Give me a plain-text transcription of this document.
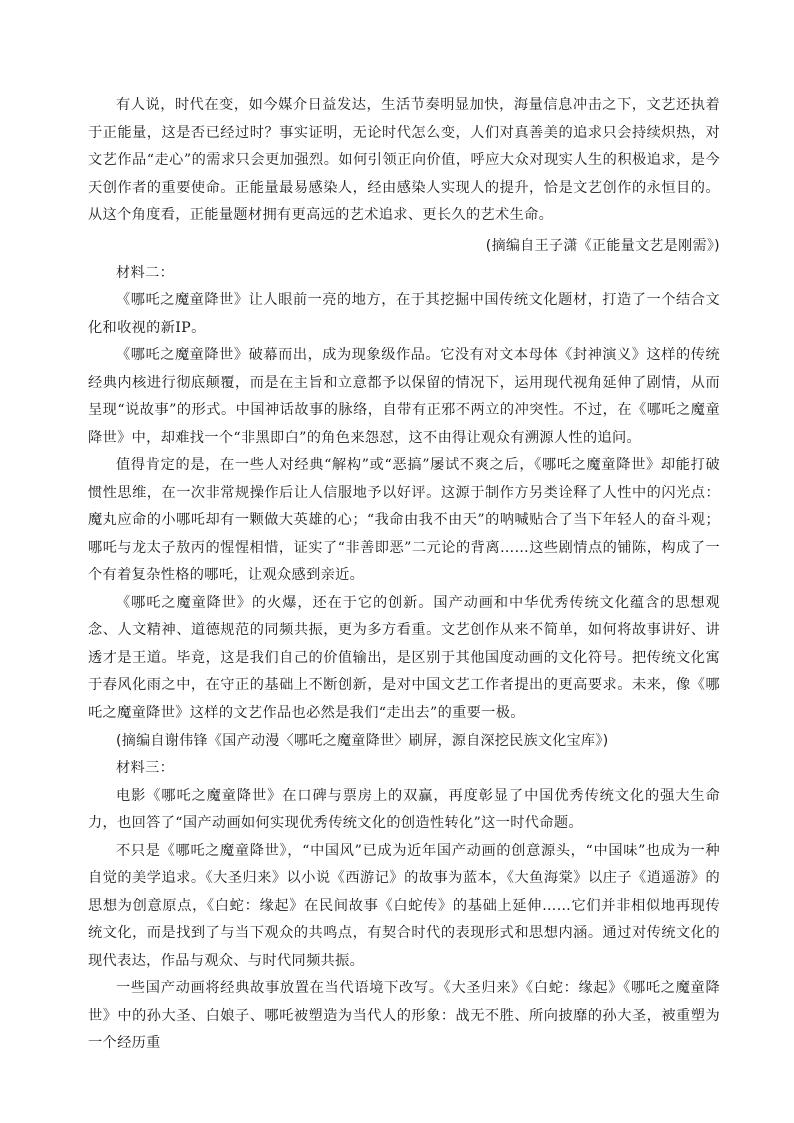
有人说，时代在变，如今媒介日益发达，生活节奏明显加快，海量信息冲击之下，文艺还执着于正能量，这是否已经过时？事实证明，无论时代怎么变，人们对真善美的追求只会持续炽热，对文艺作品“走心”的需求只会更加强烈。如何引领正向价值，呼应大众对现实人生的积极追求，是今天创作者的重要使命。正能量最易感染人，经由感染人实现人的提升，恰是文艺创作的永恒目的。从这个角度看，正能量题材拥有更高远的艺术追求、更长久的艺术生命。

(摘编自王子潇《正能量文艺是刚需》)

材料二：

《哪吒之魔童降世》让人眼前一亮的地方，在于其挖掘中国传统文化题材，打造了一个结合文化和收视的新IP。

《哪吒之魔童降世》破幕而出，成为现象级作品。它没有对文本母体《封神演义》这样的传统经典内核进行彻底颠覆，而是在主旨和立意都予以保留的情况下，运用现代视角延伸了剧情，从而呈现“说故事”的形式。中国神话故事的脉络，自带有正邪不两立的冲突性。不过，在《哪吒之魔童降世》中，却难找一个“非黑即白”的角色来怨怼，这不由得让观众有溯源人性的追问。

值得肯定的是，在一些人对经典“解构”或“恶搞”屡试不爽之后，《哪吒之魔童降世》却能打破惯性思维，在一次非常规操作后让人信服地予以好评。这源于制作方另类诠释了人性中的闪光点：魔丸应命的小哪吒却有一颗做大英雄的心；“我命由我不由天”的呐喊贴合了当下年轻人的奋斗观；哪吒与龙太子敖丙的惺惺相惜，证实了“非善即恶”二元论的背离……这些剧情点的铺陈，构成了一个有着复杂性格的哪吒，让观众感到亲近。

《哪吒之魔童降世》的火爆，还在于它的创新。国产动画和中华优秀传统文化蕴含的思想观念、人文精神、道德规范的同频共振，更为多方看重。文艺创作从来不简单，如何将故事讲好、讲透才是王道。毕竟，这是我们自己的价值输出，是区别于其他国度动画的文化符号。把传统文化寓于春风化雨之中，在守正的基础上不断创新，是对中国文艺工作者提出的更高要求。未来，像《哪吒之魔童降世》这样的文艺作品也必然是我们“走出去”的重要一极。

(摘编自谢伟锋《国产动漫〈哪吒之魔童降世〉刷屏，源自深挖民族文化宝库》)

材料三：

电影《哪吒之魔童降世》在口碑与票房上的双赢，再度彰显了中国优秀传统文化的强大生命力，也回答了“国产动画如何实现优秀传统文化的创造性转化”这一时代命题。

不只是《哪吒之魔童降世》，“中国风”已成为近年国产动画的创意源头，“中国味”也成为一种自觉的美学追求。《大圣归来》以小说《西游记》的故事为蓝本，《大鱼海棠》以庄子《逍遥游》的思想为创意原点，《白蛇：缘起》在民间故事《白蛇传》的基础上延伸……它们并非相似地再现传统文化，而是找到了与当下观众的共鸣点，有契合时代的表现形式和思想内涵。通过对传统文化的现代表达，作品与观众、与时代同频共振。

一些国产动画将经典故事放置在当代语境下改写。《大圣归来》《白蛇：缘起》《哪吒之魔童降世》中的孙大圣、白娘子、哪吒被塑造为当代人的形象：战无不胜、所向披靡的孙大圣，被重塑为一个经历重
